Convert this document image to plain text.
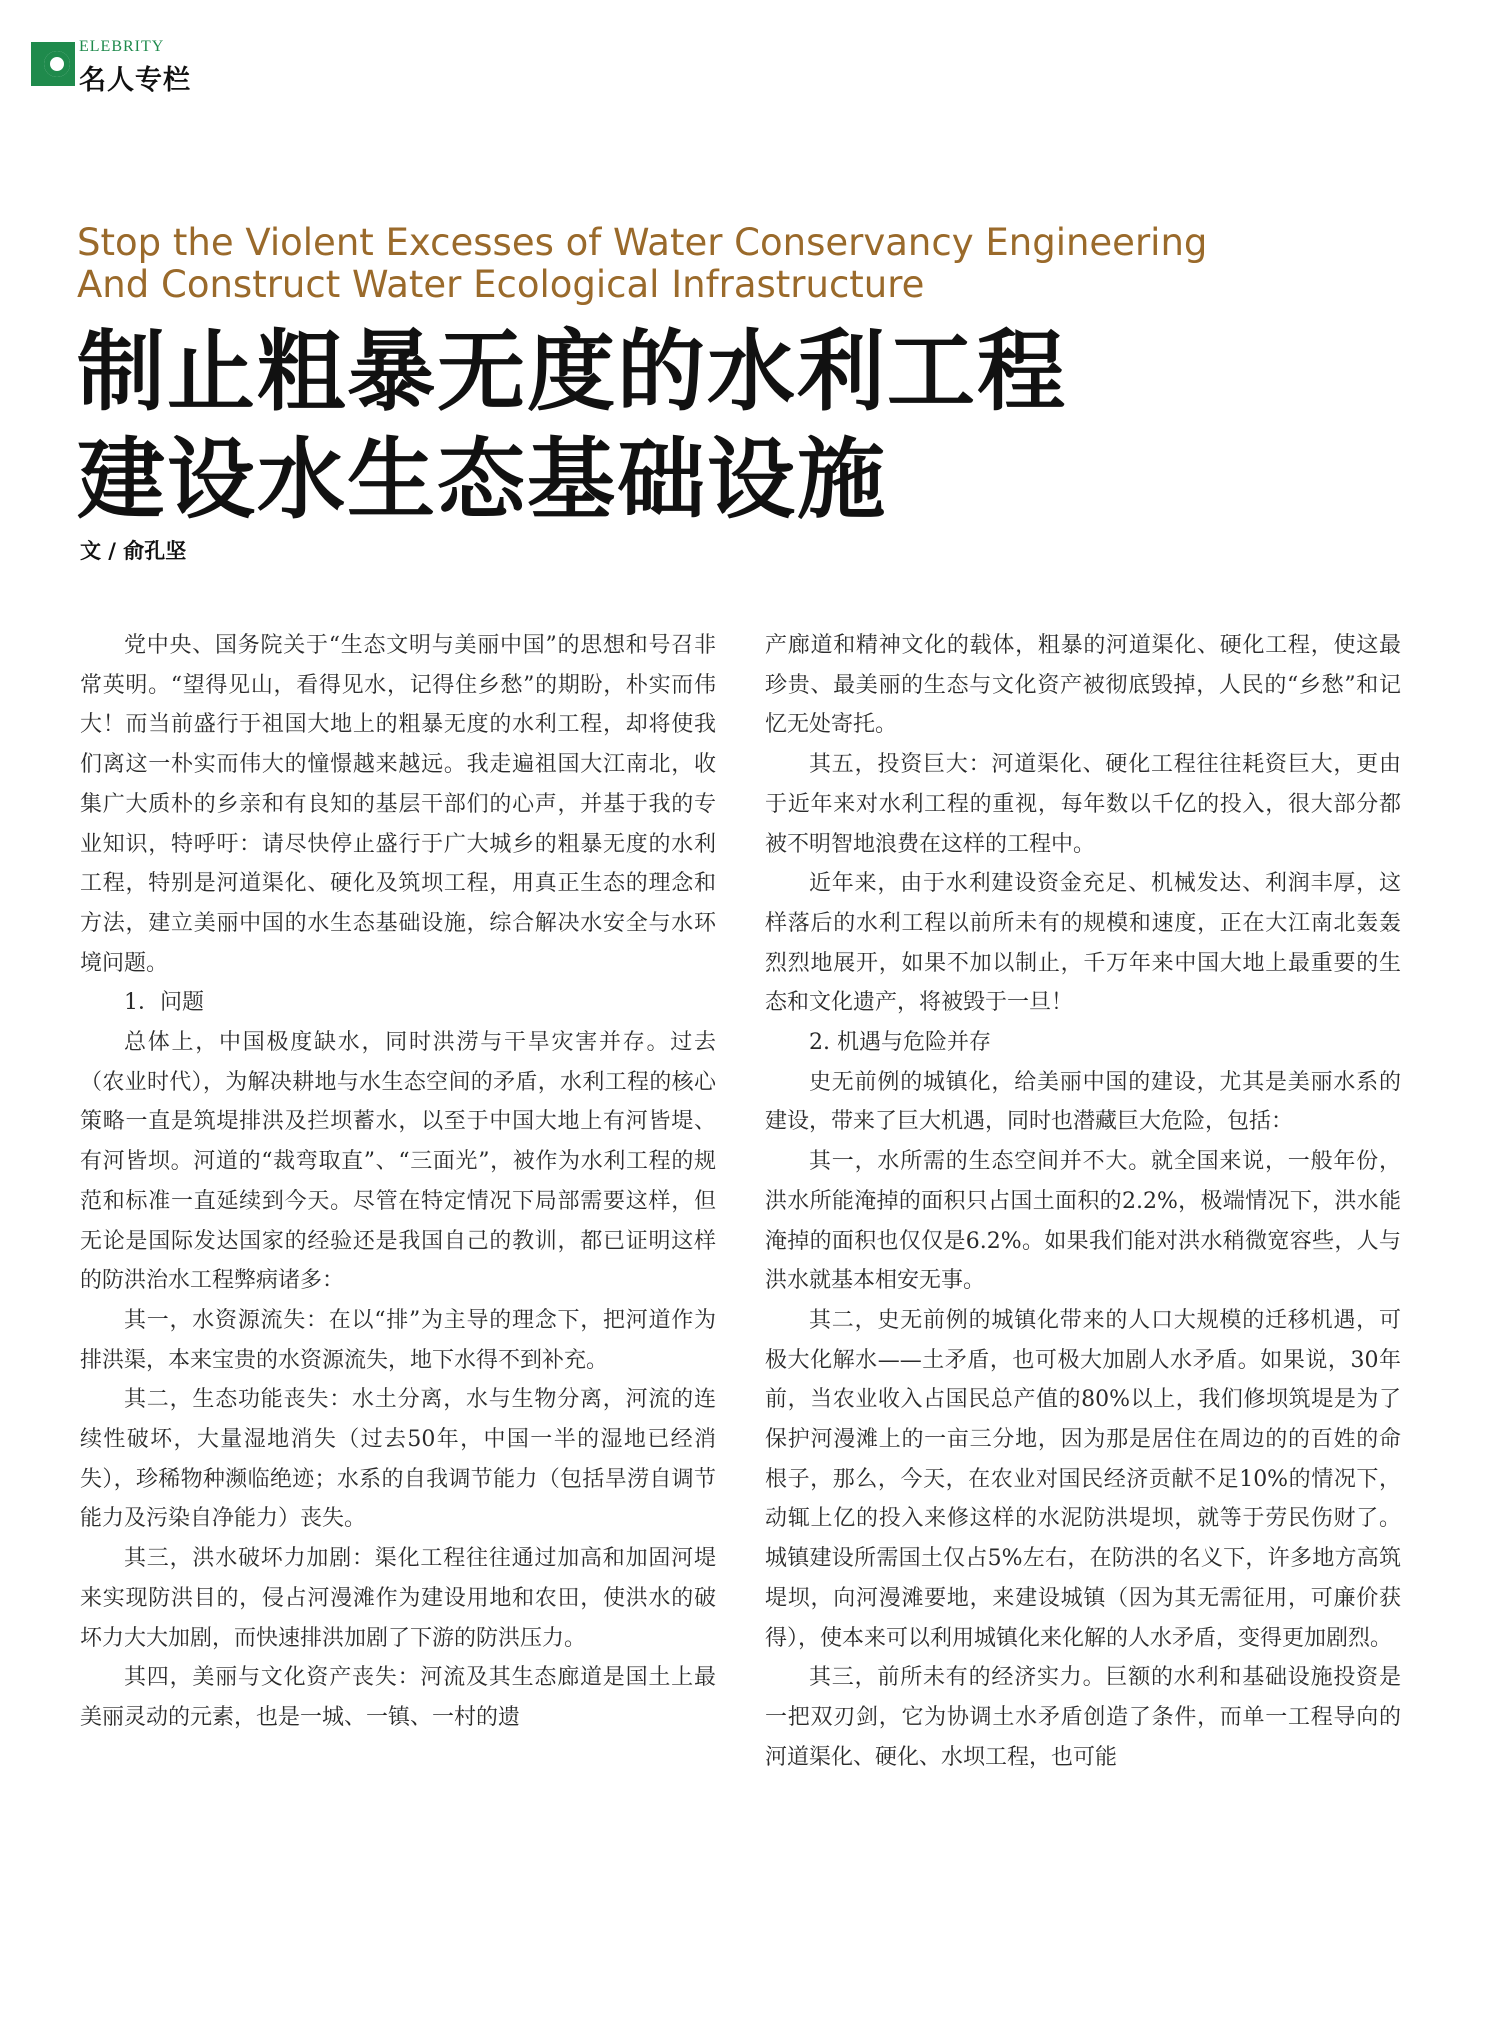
ELEBRITY
名人专栏
Stop the Violent Excesses of Water Conservancy Engineering
And Construct Water Ecological Infrastructure
制止粗暴无度的水利工程
建设水生态基础设施
文 / 俞孔坚

党中央、国务院关于“生态文明与美丽中国”的思想和号召非常英明。“望得见山，看得见水，记得住乡愁”的期盼，朴实而伟大！而当前盛行于祖国大地上的粗暴无度的水利工程，却将使我们离这一朴实而伟大的憧憬越来越远。我走遍祖国大江南北，收集广大质朴的乡亲和有良知的基层干部们的心声，并基于我的专业知识，特呼吁：请尽快停止盛行于广大城乡的粗暴无度的水利工程，特别是河道渠化、硬化及筑坝工程，用真正生态的理念和方法，建立美丽中国的水生态基础设施，综合解决水安全与水环境问题。

1．问题

总体上，中国极度缺水，同时洪涝与干旱灾害并存。过去（农业时代），为解决耕地与水生态空间的矛盾，水利工程的核心策略一直是筑堤排洪及拦坝蓄水，以至于中国大地上有河皆堤、有河皆坝。河道的“裁弯取直”、“三面光”，被作为水利工程的规范和标准一直延续到今天。尽管在特定情况下局部需要这样，但无论是国际发达国家的经验还是我国自己的教训，都已证明这样的防洪治水工程弊病诸多：

其一，水资源流失：在以“排”为主导的理念下，把河道作为排洪渠，本来宝贵的水资源流失，地下水得不到补充。

其二，生态功能丧失：水土分离，水与生物分离，河流的连续性破坏，大量湿地消失（过去50年，中国一半的湿地已经消失），珍稀物种濒临绝迹；水系的自我调节能力（包括旱涝自调节能力及污染自净能力）丧失。

其三，洪水破坏力加剧：渠化工程往往通过加高和加固河堤来实现防洪目的，侵占河漫滩作为建设用地和农田，使洪水的破坏力大大加剧，而快速排洪加剧了下游的防洪压力。

其四，美丽与文化资产丧失：河流及其生态廊道是国土上最美丽灵动的元素，也是一城、一镇、一村的遗

产廊道和精神文化的载体，粗暴的河道渠化、硬化工程，使这最珍贵、最美丽的生态与文化资产被彻底毁掉，人民的“乡愁”和记忆无处寄托。

其五，投资巨大：河道渠化、硬化工程往往耗资巨大，更由于近年来对水利工程的重视，每年数以千亿的投入，很大部分都被不明智地浪费在这样的工程中。

近年来，由于水利建设资金充足、机械发达、利润丰厚，这样落后的水利工程以前所未有的规模和速度，正在大江南北轰轰烈烈地展开，如果不加以制止，千万年来中国大地上最重要的生态和文化遗产，将被毁于一旦！

2. 机遇与危险并存

史无前例的城镇化，给美丽中国的建设，尤其是美丽水系的建设，带来了巨大机遇，同时也潜藏巨大危险，包括：

其一，水所需的生态空间并不大。就全国来说，一般年份，洪水所能淹掉的面积只占国土面积的2.2%，极端情况下，洪水能淹掉的面积也仅仅是6.2%。如果我们能对洪水稍微宽容些，人与洪水就基本相安无事。

其二，史无前例的城镇化带来的人口大规模的迁移机遇，可极大化解水——土矛盾，也可极大加剧人水矛盾。如果说，30年前，当农业收入占国民总产值的80%以上，我们修坝筑堤是为了保护河漫滩上的一亩三分地，因为那是居住在周边的的百姓的命根子，那么，今天，在农业对国民经济贡献不足10%的情况下，动辄上亿的投入来修这样的水泥防洪堤坝，就等于劳民伤财了。城镇建设所需国土仅占5%左右，在防洪的名义下，许多地方高筑堤坝，向河漫滩要地，来建设城镇（因为其无需征用，可廉价获得），使本来可以利用城镇化来化解的人水矛盾，变得更加剧烈。

其三，前所未有的经济实力。巨额的水利和基础设施投资是一把双刃剑，它为协调土水矛盾创造了条件，而单一工程导向的河道渠化、硬化、水坝工程，也可能
